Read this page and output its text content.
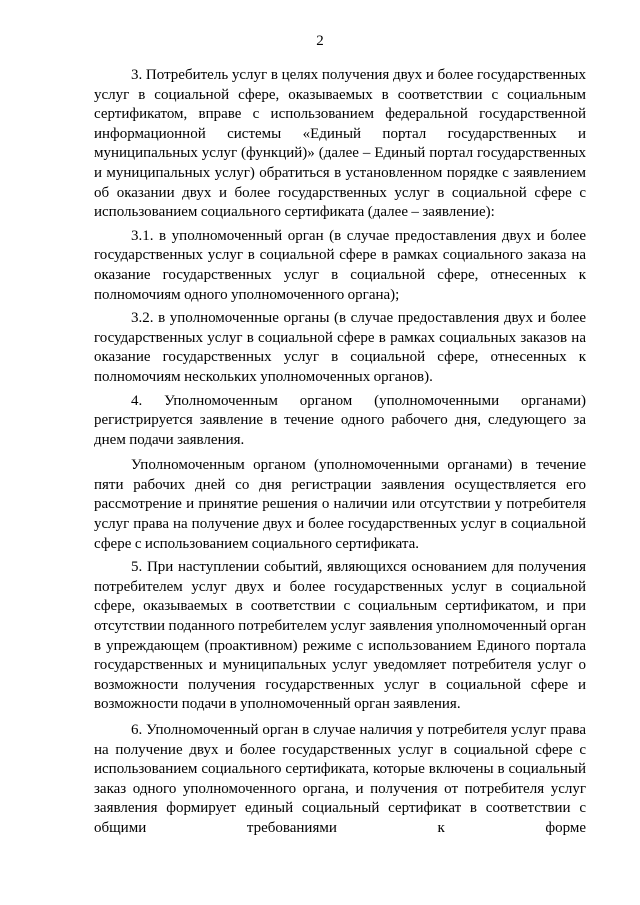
2

3. Потребитель услуг в целях получения двух и более государственных услуг в социальной сфере, оказываемых в соответствии с социальным сертификатом, вправе с использованием федеральной государственной информационной системы «Единый портал государственных и муниципальных услуг (функций)» (далее – Единый портал государственных и муниципальных услуг) обратиться в установленном порядке с заявлением об оказании двух и более государственных услуг в социальной сфере с использованием социального сертификата (далее – заявление):

3.1. в уполномоченный орган (в случае предоставления двух и более государственных услуг в социальной сфере в рамках социального заказа на оказание государственных услуг в социальной сфере, отнесенных к полномочиям одного уполномоченного органа);

3.2. в уполномоченные органы (в случае предоставления двух и более государственных услуг в социальной сфере в рамках социальных заказов на оказание государственных услуг в социальной сфере, отнесенных к полномочиям нескольких уполномоченных органов).

4. Уполномоченным органом (уполномоченными органами) регистрируется заявление в течение одного рабочего дня, следующего за днем подачи заявления.

Уполномоченным органом (уполномоченными органами) в течение пяти рабочих дней со дня регистрации заявления осуществляется его рассмотрение и принятие решения о наличии или отсутствии у потребителя услуг права на получение двух и более государственных услуг в социальной сфере с использованием социального сертификата.

5. При наступлении событий, являющихся основанием для получения потребителем услуг двух и более государственных услуг в социальной сфере, оказываемых в соответствии с социальным сертификатом, и при отсутствии поданного потребителем услуг заявления уполномоченный орган в упреждающем (проактивном) режиме с использованием Единого портала государственных и муниципальных услуг уведомляет потребителя услуг о возможности получения государственных услуг в социальной сфере и возможности подачи в уполномоченный орган заявления.

6. Уполномоченный орган в случае наличия у потребителя услуг права на получение двух и более государственных услуг в социальной сфере с использованием социального сертификата, которые включены в социальный заказ одного уполномоченного органа, и получения от потребителя услуг заявления формирует единый социальный сертификат в соответствии с общими требованиями к форме
